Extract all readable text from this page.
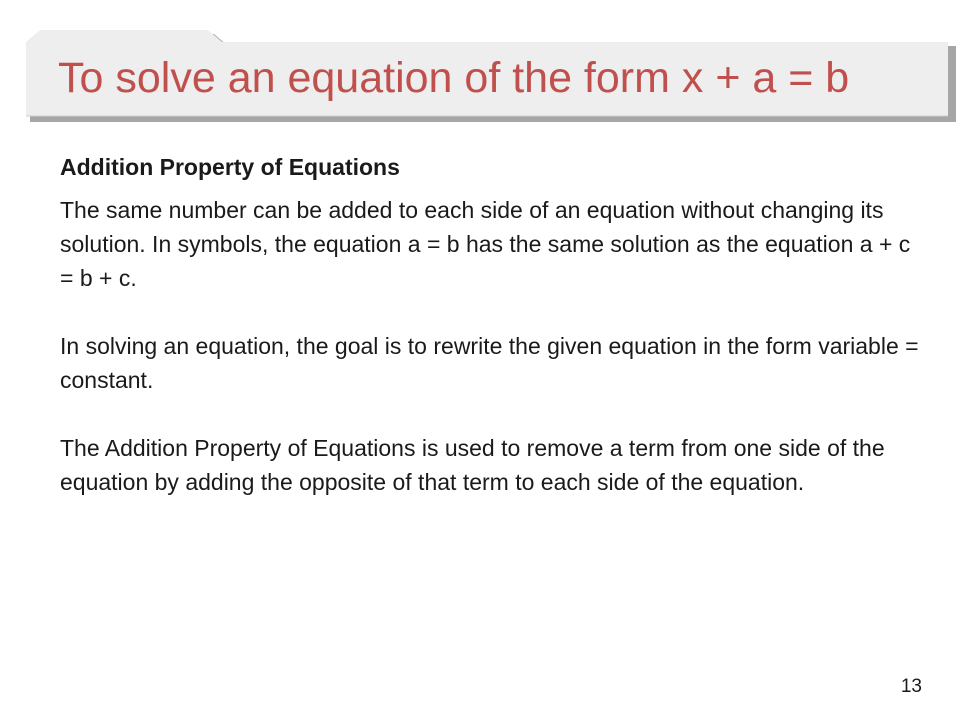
To solve an equation of the form x + a = b

Addition Property of Equations

The same number can be added to each side of an equation without changing its solution. In symbols, the equation a = b has the same solution as the equation a + c = b + c.

In solving an equation, the goal is to rewrite the given equation in the form variable = constant.

The Addition Property of Equations is used to remove a term from one side of the equation by adding the opposite of that term to each side of the equation.

13
